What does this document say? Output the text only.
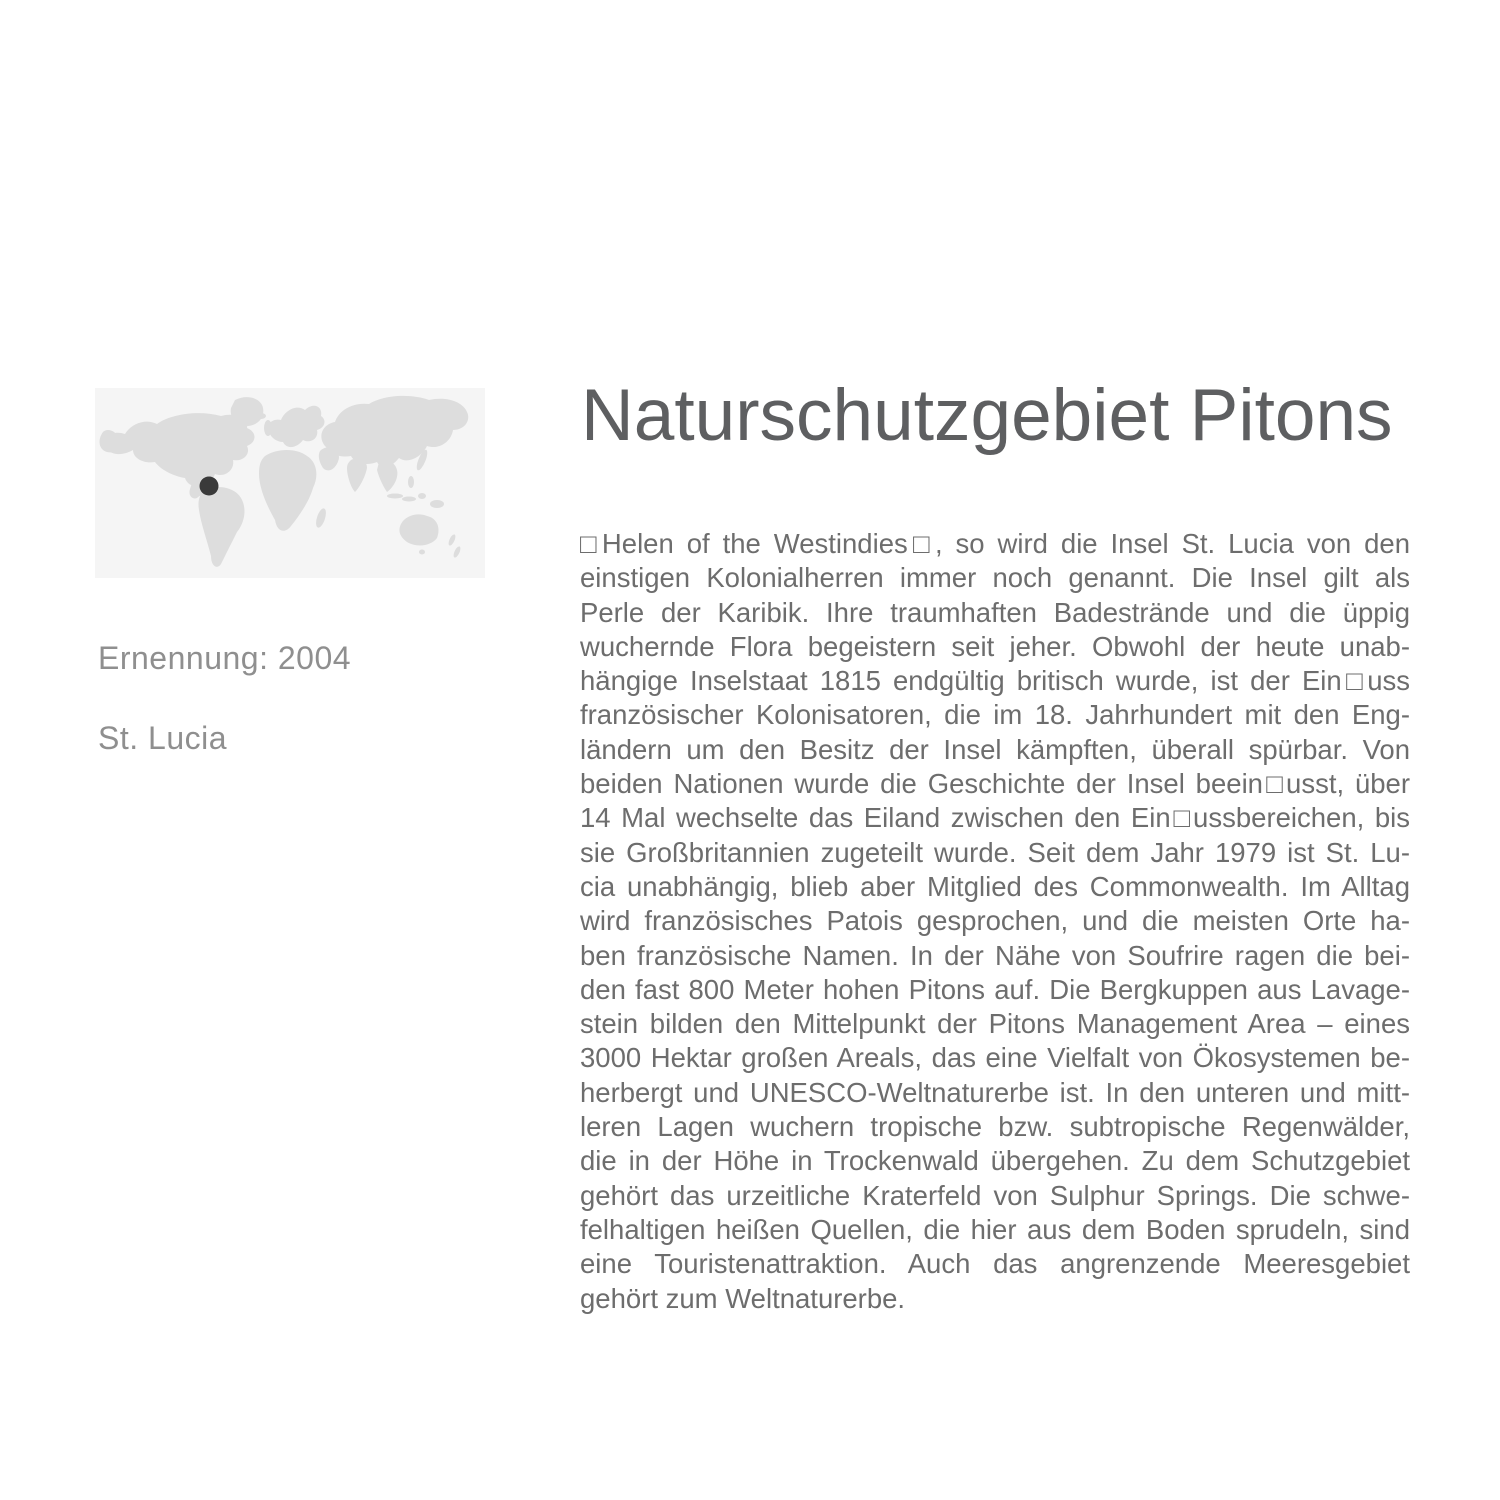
Ernennung: 2004
St. Lucia
Naturschutzgebiet Pitons
□Helen of the Westindies□, so wird die Insel St. Lucia von den
einstigen Kolonialherren immer noch genannt. Die Insel gilt als
Perle der Karibik. Ihre traumhaften Badestrände und die üppig
wuchernde Flora begeistern seit jeher. Obwohl der heute unab-
hängige Inselstaat 1815 endgültig britisch wurde, ist der Ein□uss
französischer Kolonisatoren, die im 18. Jahrhundert mit den Eng-
ländern um den Besitz der Insel kämpften, überall spürbar. Von
beiden Nationen wurde die Geschichte der Insel beein□usst, über
14 Mal wechselte das Eiland zwischen den Ein□ussbereichen, bis
sie Großbritannien zugeteilt wurde. Seit dem Jahr 1979 ist St. Lu-
cia unabhängig, blieb aber Mitglied des Commonwealth. Im Alltag
wird französisches Patois gesprochen, und die meisten Orte ha-
ben französische Namen. In der Nähe von Soufrire ragen die bei-
den fast 800 Meter hohen Pitons auf. Die Bergkuppen aus Lavage-
stein bilden den Mittelpunkt der Pitons Management Area – eines
3000 Hektar großen Areals, das eine Vielfalt von Ökosystemen be-
herbergt und UNESCO-Weltnaturerbe ist. In den unteren und mitt-
leren Lagen wuchern tropische bzw. subtropische Regenwälder,
die in der Höhe in Trockenwald übergehen. Zu dem Schutzgebiet
gehört das urzeitliche Kraterfeld von Sulphur Springs. Die schwe-
felhaltigen heißen Quellen, die hier aus dem Boden sprudeln, sind
eine Touristenattraktion. Auch das angrenzende Meeresgebiet
gehört zum Weltnaturerbe.
